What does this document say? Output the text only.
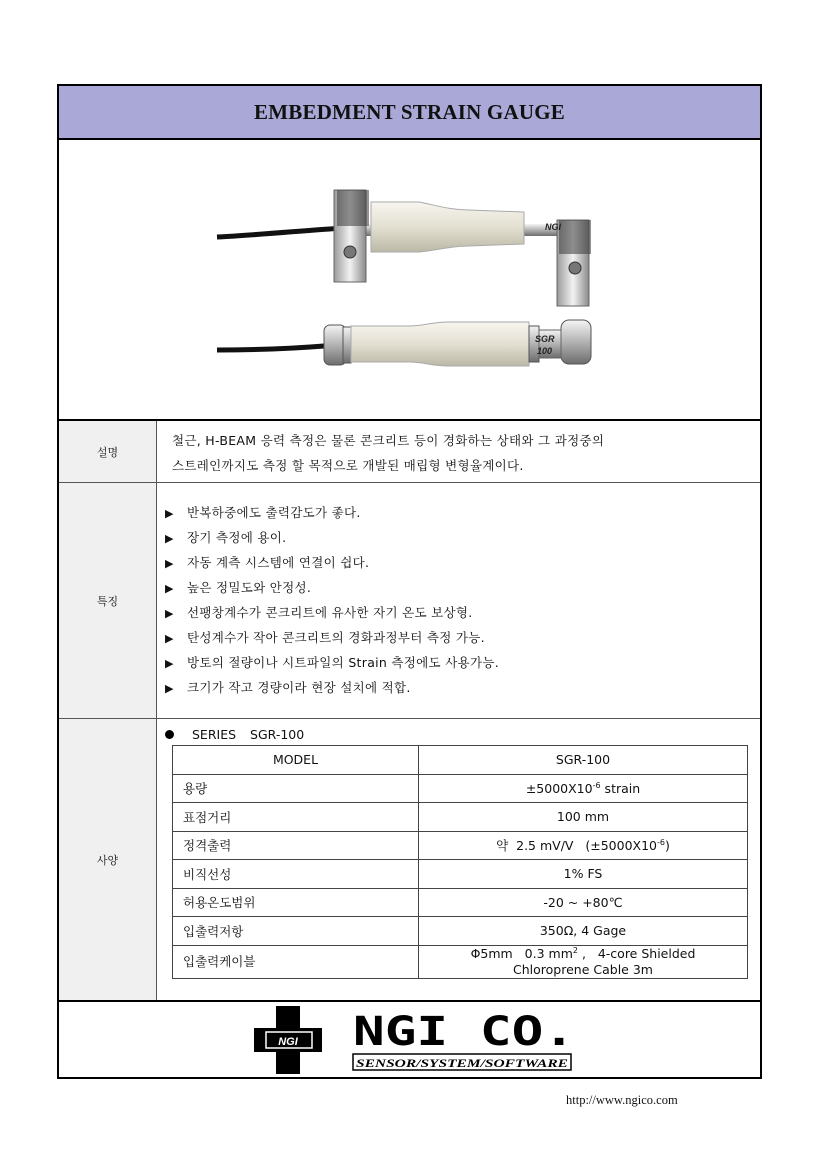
EMBEDMENT STRAIN GAUGE
NGI
SGR
100
설명
철근, H-BEAM 응력 측정은 물론 콘크리트 등이 경화하는 상태와 그 과정중의
스트레인까지도 측정 할 목적으로 개발된 매립형 변형율계이다.
특징
▶ 반복하중에도 출력감도가 좋다.
▶ 장기 측정에 용이.
▶ 자동 계측 시스템에 연결이 쉽다.
▶ 높은 정밀도와 안정성.
▶ 선팽창계수가 콘크리트에 유사한 자기 온도 보상형.
▶ 탄성계수가 작아 콘크리트의 경화과정부터 측정 가능.
▶ 방토의 절량이나 시트파일의 Strain 측정에도 사용가능.
▶ 크기가 작고 경량이라 현장 설치에 적합.
사양
SERIES SGR-100
MODEL	SGR-100
용량	$\pm 5000X10^{-6}$ strain
표점거리	100 mm
정격출력	약  2.5 mV/V   $(\pm 5000X10^{-6})$
비직선성	1% FS
허용온도범위	-20 ~ +80℃
입출력저항	350Ω, 4 Gage
입출력케이블	Φ5mm   0.3 $mm^2$ ,   4-core Shielded
Chloroprene Cable 3m
NGI NGI CO.
SENSOR/SYSTEM/SOFTWARE
http://www.ngico.com
